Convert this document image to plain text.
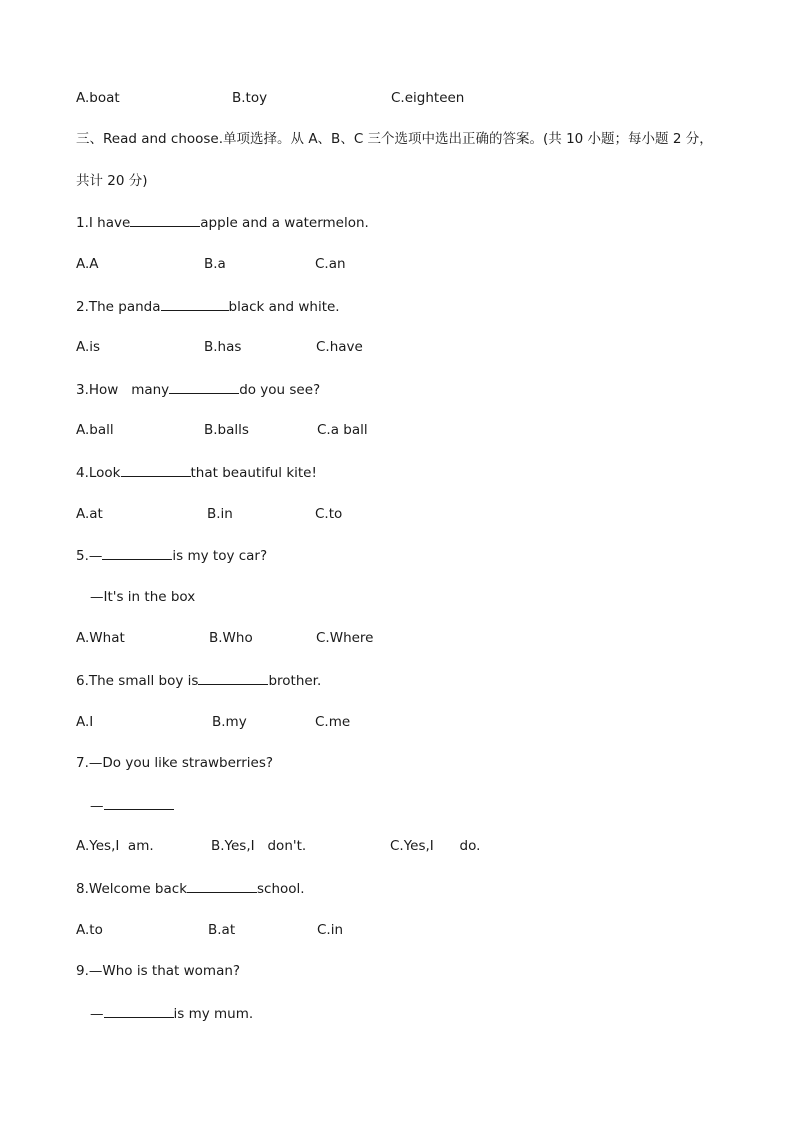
A.boat	B.toy	C.eighteen
三、Read and choose.单项选择。从 A、B、C 三个选项中选出正确的答案。(共 10 小题；每小题 2 分，
共计 20 分)
1.I have	apple and a watermelon.
A.A	B.a	C.an
2.The panda	black and white.
A.is	B.has	C.have
3.How   many	do you see?
A.ball	B.balls	C.a ball
4.Look	that beautiful kite!
A.at	B.in	C.to
5.—	is my toy car?
—It's in the box
A.What	B.Who	C.Where
6.The small boy is	brother.
A.I	B.my	C.me
7.—Do you like strawberries?
—
A.Yes,I  am.	B.Yes,I   don't.	C.Yes,I      do.
8.Welcome back	school.
A.to	B.at	C.in
9.—Who is that woman?
—	is my mum.
